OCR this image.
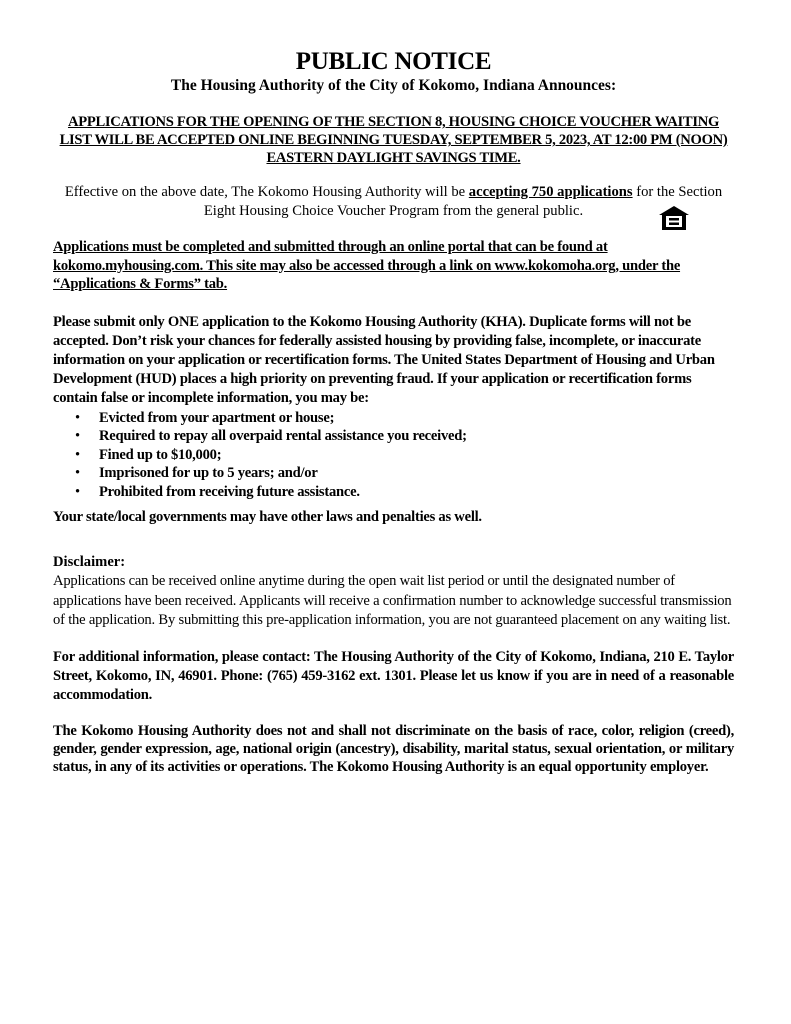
PUBLIC NOTICE

The Housing Authority of the City of Kokomo, Indiana Announces:

APPLICATIONS FOR THE OPENING OF THE SECTION 8, HOUSING CHOICE VOUCHER WAITING LIST WILL BE ACCEPTED ONLINE BEGINNING TUESDAY, SEPTEMBER 5, 2023, AT 12:00 PM (NOON) EASTERN DAYLIGHT SAVINGS TIME.

Effective on the above date, The Kokomo Housing Authority will be accepting 750 applications for the Section Eight Housing Choice Voucher Program from the general public.

Applications must be completed and submitted through an online portal that can be found at kokomo.myhousing.com. This site may also be accessed through a link on www.kokomoha.org, under the “Applications & Forms” tab.

Please submit only ONE application to the Kokomo Housing Authority (KHA). Duplicate forms will not be accepted. Don’t risk your chances for federally assisted housing by providing false, incomplete, or inaccurate information on your application or recertification forms. The United States Department of Housing and Urban Development (HUD) places a high priority on preventing fraud. If your application or recertification forms contain false or incomplete information, you may be:

• Evicted from your apartment or house;
• Required to repay all overpaid rental assistance you received;
• Fined up to $10,000;
• Imprisoned for up to 5 years; and/or
• Prohibited from receiving future assistance.

Your state/local governments may have other laws and penalties as well.

Disclaimer:

Applications can be received online anytime during the open wait list period or until the designated number of applications have been received. Applicants will receive a confirmation number to acknowledge successful transmission of the application. By submitting this pre-application information, you are not guaranteed placement on any waiting list.

For additional information, please contact: The Housing Authority of the City of Kokomo, Indiana, 210 E. Taylor Street, Kokomo, IN, 46901. Phone: (765) 459-3162 ext. 1301. Please let us know if you are in need of a reasonable accommodation.

The Kokomo Housing Authority does not and shall not discriminate on the basis of race, color, religion (creed), gender, gender expression, age, national origin (ancestry), disability, marital status, sexual orientation, or military status, in any of its activities or operations. The Kokomo Housing Authority is an equal opportunity employer.
